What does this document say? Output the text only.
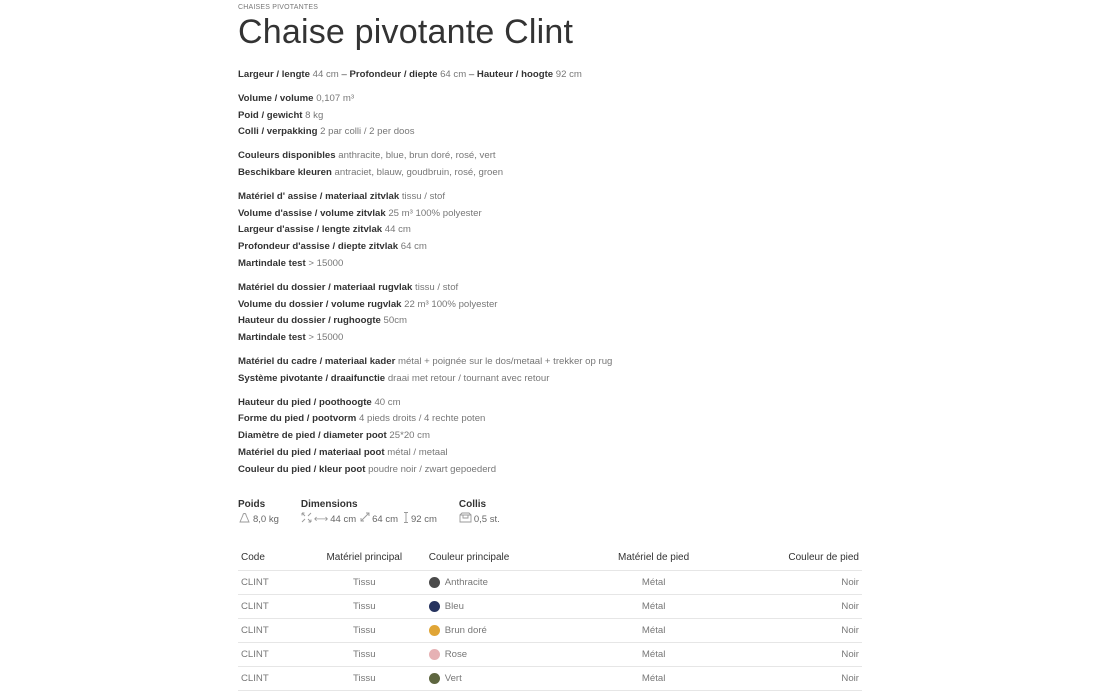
CHAISES PIVOTANTES
Chaise pivotante Clint
Largeur / lengte 44 cm – Profondeur / diepte 64 cm – Hauteur / hoogte 92 cm
Volume / volume 0,107 m³
Poid / gewicht 8 kg
Colli / verpakking 2 par colli / 2 per doos
Couleurs disponibles anthracite, blue, brun doré, rosé, vert
Beschikbare kleuren antraciet, blauw, goudbruin, rosé, groen
Matériel d' assise / materiaal zitvlak tissu / stof
Volume d'assise / volume zitvlak 25 m³ 100% polyester
Largeur d'assise / lengte zitvlak 44 cm
Profondeur d'assise / diepte zitvlak 64 cm
Martindale test > 15000
Matériel du dossier / materiaal rugvlak tissu / stof
Volume du dossier / volume rugvlak 22 m³ 100% polyester
Hauteur du dossier / rughoogte 50cm
Martindale test > 15000
Matériel du cadre / materiaal kader métal + poignée sur le dos/metaal + trekker op rug
Système pivotante / draaifunctie draai met retour / tournant avec retour
Hauteur du pied / poothoogte 40 cm
Forme du pied / pootvorm 4 pieds droits / 4 rechte poten
Diamètre de pied / diameter poot 25*20 cm
Matériel du pied / materiaal poot métal / metaal
Couleur du pied / kleur poot poudre noir / zwart gepoederd
Poids
8,0 kg
Dimensions
⟷ 44 cm 64 cm 92 cm
Collis
0,5 st.
Code	Matériel principal	Couleur principale	Matériel de pied	Couleur de pied
CLINT	Tissu	Anthracite	Métal	Noir
CLINT	Tissu	Bleu	Métal	Noir
CLINT	Tissu	Brun doré	Métal	Noir
CLINT	Tissu	Rose	Métal	Noir
CLINT	Tissu	Vert	Métal	Noir
